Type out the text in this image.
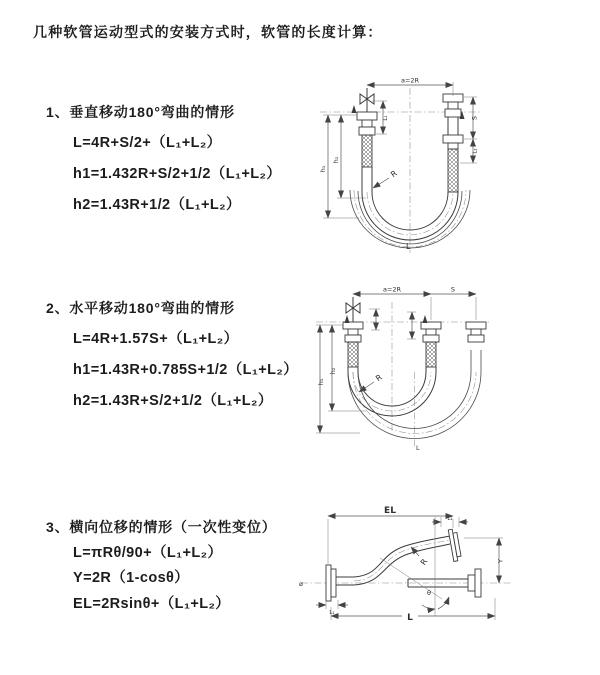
几种软管运动型式的安装方式时，软管的长度计算：
1、垂直移动180°弯曲的情形
L=4R+S/2+（L₁+L₂）
h1=1.432R+S/2+1/2（L₁+L₂）
h2=1.43R+1/2（L₁+L₂）
2、水平移动180°弯曲的情形
L=4R+1.57S+（L₁+L₂）
h1=1.43R+0.785S+1/2（L₁+L₂）
h2=1.43R+S/2+1/2（L₁+L₂）
3、横向位移的情形（一次性变位）
L=πRθ/90+（L₁+L₂）
Y=2R（1-cosθ）
EL=2Rsinθ+（L₁+L₂）
a=2R
h₁
h₂
L₁	S
L₂
R
L
a=2R	S
h₁
h₂
R
L
ø
EL
L₁
θ
Y
R
L₁	L
